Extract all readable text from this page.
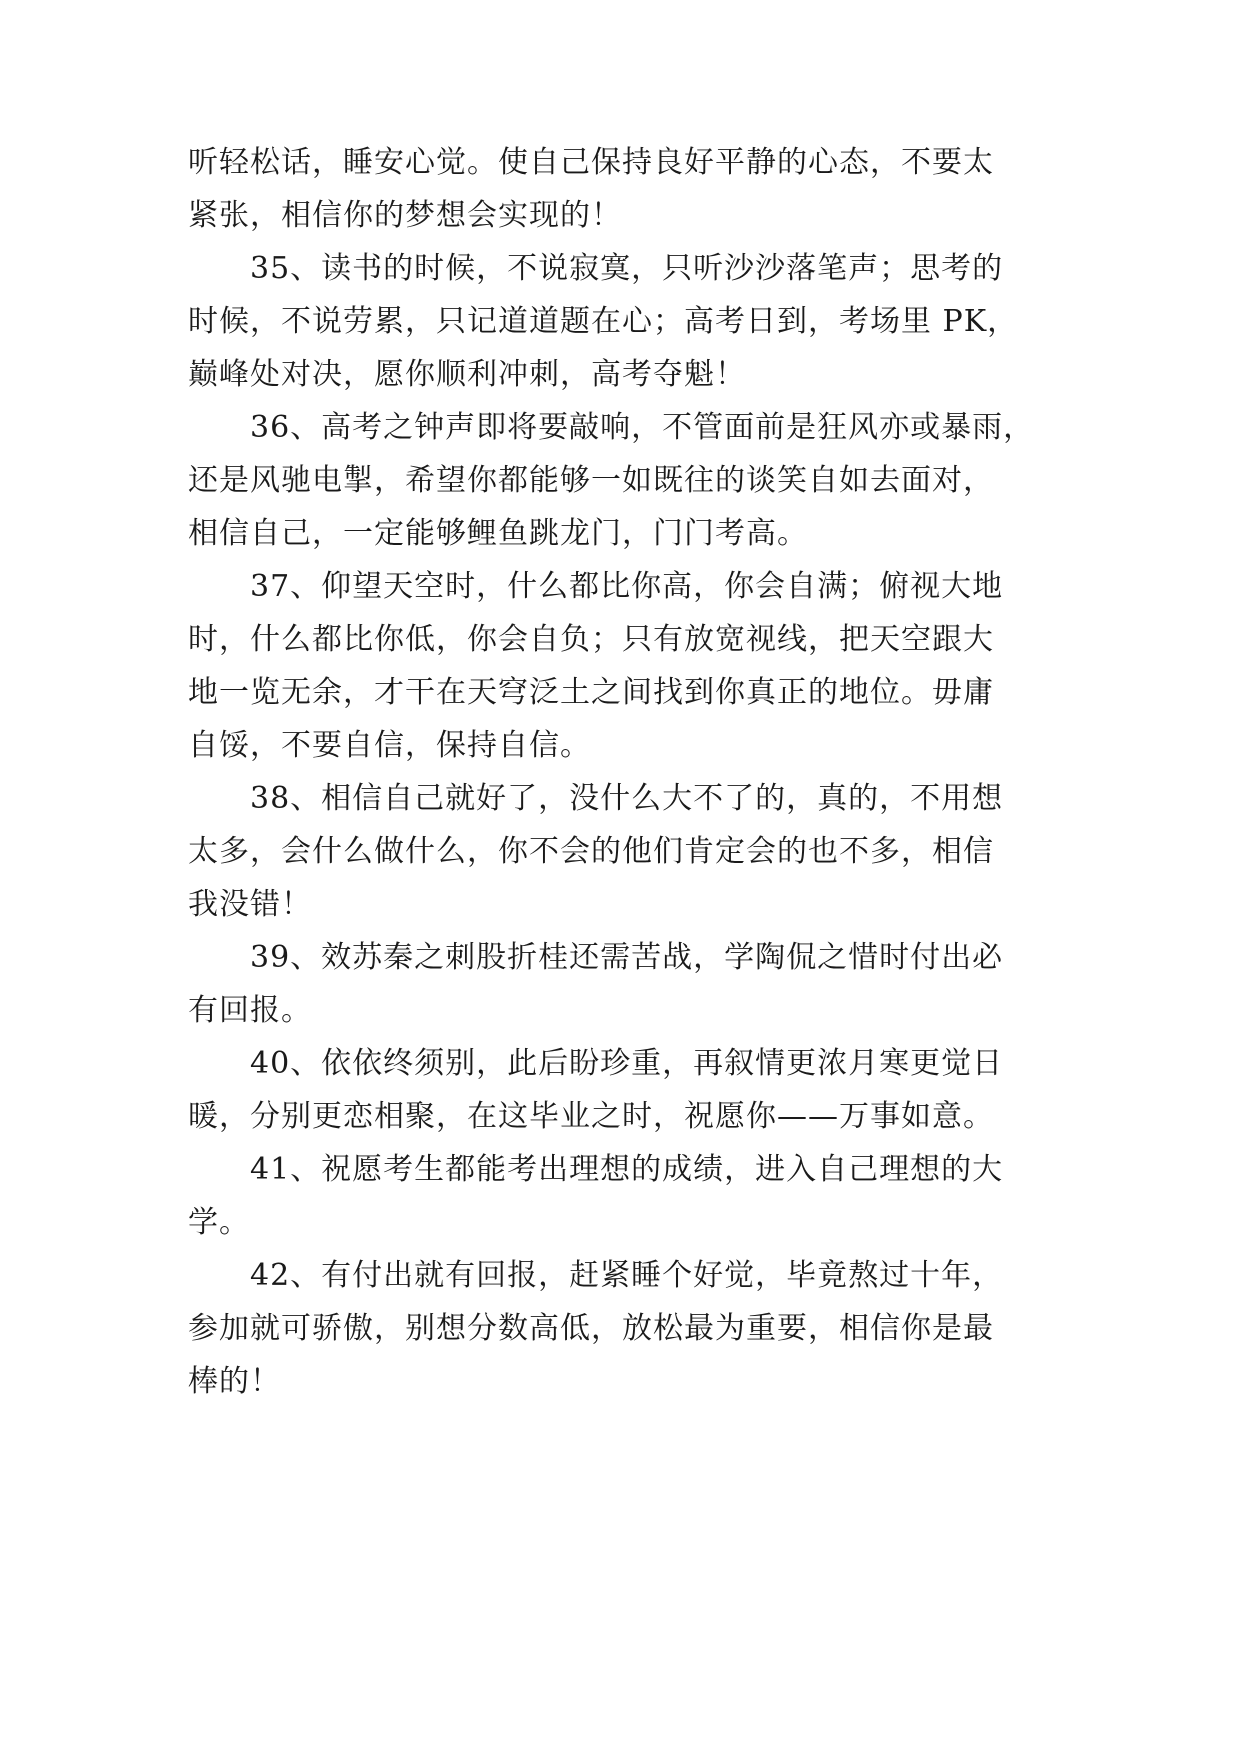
听轻松话，睡安心觉。使自己保持良好平静的心态，不要太
紧张，相信你的梦想会实现的！
35、读书的时候，不说寂寞，只听沙沙落笔声；思考的
时候，不说劳累，只记道道题在心；高考日到，考场里 PK，
巅峰处对决，愿你顺利冲刺，高考夺魁！
36、高考之钟声即将要敲响，不管面前是狂风亦或暴雨，
还是风驰电掣，希望你都能够一如既往的谈笑自如去面对，
相信自己，一定能够鲤鱼跳龙门，门门考高。
37、仰望天空时，什么都比你高，你会自满；俯视大地
时，什么都比你低，你会自负；只有放宽视线，把天空跟大
地一览无余，才干在天穹泛土之间找到你真正的地位。毋庸
自馁，不要自信，保持自信。
38、相信自己就好了，没什么大不了的，真的，不用想
太多，会什么做什么，你不会的他们肯定会的也不多，相信
我没错！
39、效苏秦之刺股折桂还需苦战，学陶侃之惜时付出必
有回报。
40、依依终须别，此后盼珍重，再叙情更浓月寒更觉日
暖，分别更恋相聚，在这毕业之时，祝愿你——万事如意。
41、祝愿考生都能考出理想的成绩，进入自己理想的大
学。
42、有付出就有回报，赶紧睡个好觉，毕竟熬过十年，
参加就可骄傲，别想分数高低，放松最为重要，相信你是最
棒的！
